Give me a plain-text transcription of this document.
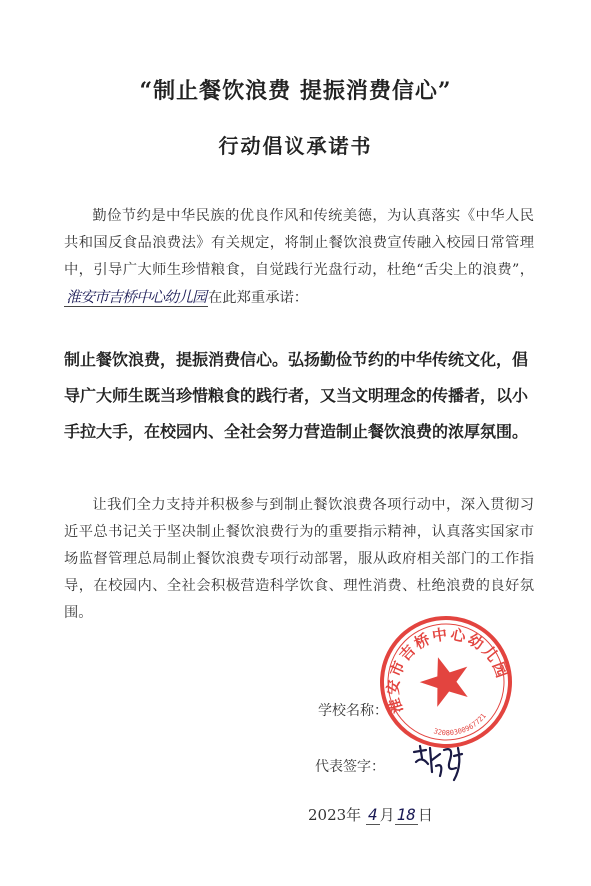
“制止餐饮浪费 提振消费信心”
行动倡议承诺书
勤俭节约是中华民族的优良作风和传统美德，为认真落实《中华人民共和国反食品浪费法》有关规定，将制止餐饮浪费宣传融入校园日常管理中，引导广大师生珍惜粮食，自觉践行光盘行动，杜绝“舌尖上的浪费”，淮安市吉桥中心幼儿园 在此郑重承诺：
制止餐饮浪费，提振消费信心。弘扬勤俭节约的中华传统文化，倡导广大师生既当珍惜粮食的践行者，又当文明理念的传播者，以小手拉大手，在校园内、全社会努力营造制止餐饮浪费的浓厚氛围。
让我们全力支持并积极参与到制止餐饮浪费各项行动中，深入贯彻习近平总书记关于坚决制止餐饮浪费行为的重要指示精神，认真落实国家市场监督管理总局制止餐饮浪费专项行动部署，服从政府相关部门的工作指导，在校园内、全社会积极营造科学饮食、理性消费、杜绝浪费的良好氛围。
淮安市吉桥中心幼儿园
32080300967721
学校名称：
代表签字：
2023年 4 月 18 日
